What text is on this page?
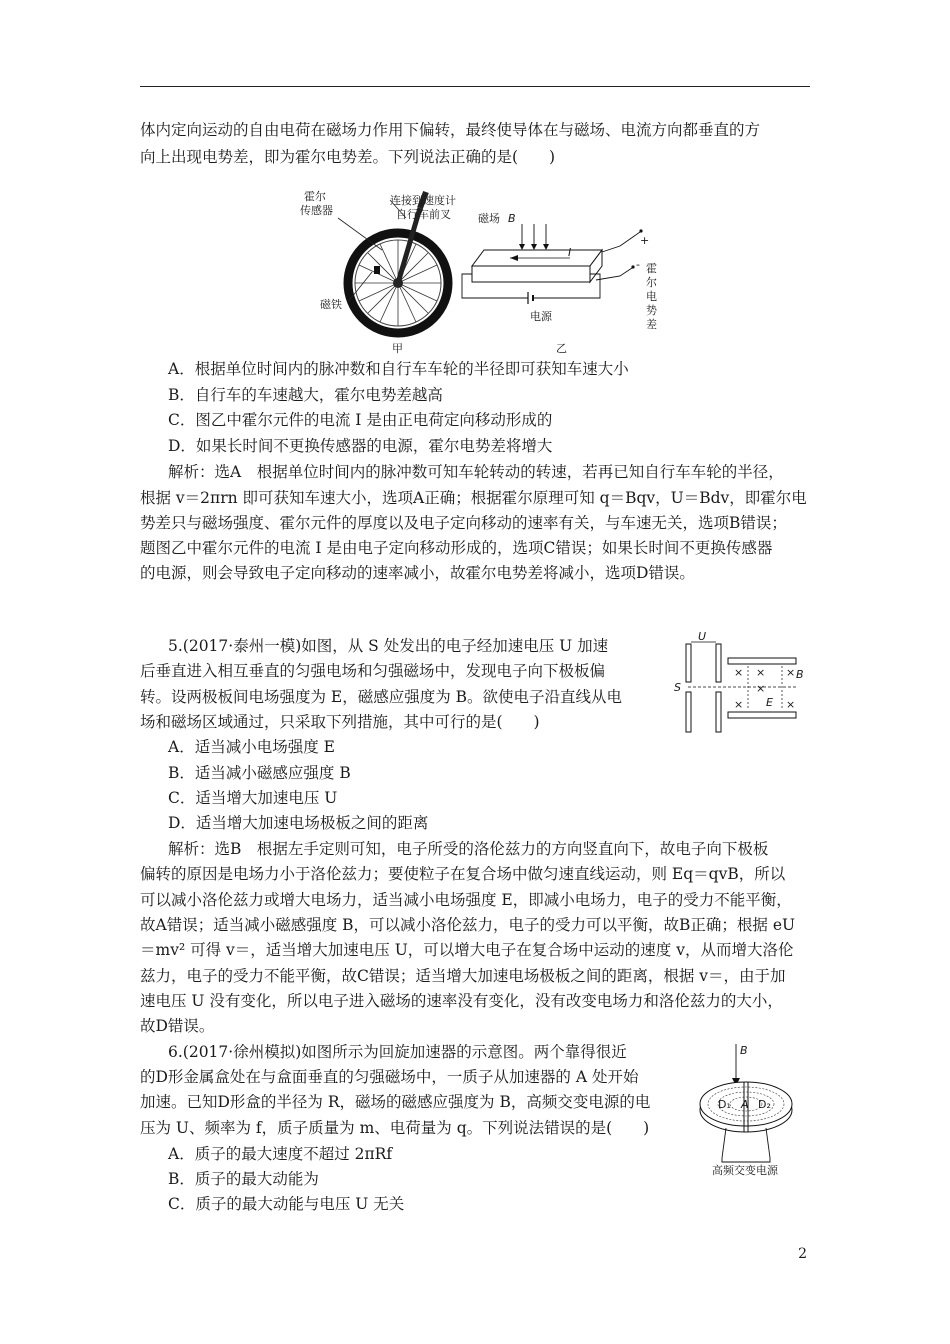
体内定向运动的自由电荷在磁场力作用下偏转，最终使导体在与磁场、电流方向都垂直的方
向上出现电势差，即为霍尔电势差。下列说法正确的是(　　)
霍尔
传感器
连接到速度计
自行车前叉
磁铁
磁场 B
I
电源
+
- 霍
尔
电
势
差
甲	乙
A．根据单位时间内的脉冲数和自行车车轮的半径即可获知车速大小
B．自行车的车速越大，霍尔电势差越高
C．图乙中霍尔元件的电流 I 是由正电荷定向移动形成的
D．如果长时间不更换传感器的电源，霍尔电势差将增大
解析：选A　根据单位时间内的脉冲数可知车轮转动的转速，若再已知自行车车轮的半径，
根据 v＝2πrn 即可获知车速大小，选项A正确；根据霍尔原理可知 q＝Bqv，U＝Bdv，即霍尔电
势差只与磁场强度、霍尔元件的厚度以及电子定向移动的速率有关，与车速无关，选项B错误；
题图乙中霍尔元件的电流 I 是由电子定向移动形成的，选项C错误；如果长时间不更换传感器
的电源，则会导致电子定向移动的速率减小，故霍尔电势差将减小，选项D错误。
5.(2017·泰州一模)如图，从 S 处发出的电子经加速电压 U 加速
后垂直进入相互垂直的匀强电场和匀强磁场中，发现电子向下极板偏
转。设两极板间电场强度为 E，磁感应强度为 B。欲使电子沿直线从电
场和磁场区域通过，只采取下列措施，其中可行的是(　　)
U
S
B
E
× × ×
×
×
×
A．适当减小电场强度 E
B．适当减小磁感应强度 B
C．适当增大加速电压 U
D．适当增大加速电场极板之间的距离
解析：选B　根据左手定则可知，电子所受的洛伦兹力的方向竖直向下，故电子向下极板
偏转的原因是电场力小于洛伦兹力；要使粒子在复合场中做匀速直线运动，则 Eq＝qvB，所以
可以减小洛伦兹力或增大电场力，适当减小电场强度 E，即减小电场力，电子的受力不能平衡，
故A错误；适当减小磁感强度 B，可以减小洛伦兹力，电子的受力可以平衡，故B正确；根据 eU
＝mv² 可得 v＝，适当增大加速电压 U，可以增大电子在复合场中运动的速度 v，从而增大洛伦
兹力，电子的受力不能平衡，故C错误；适当增大加速电场极板之间的距离，根据 v＝，由于加
速电压 U 没有变化，所以电子进入磁场的速率没有变化，没有改变电场力和洛伦兹力的大小，
故D错误。
6.(2017·徐州模拟)如图所示为回旋加速器的示意图。两个靠得很近
的D形金属盒处在与盒面垂直的匀强磁场中，一质子从加速器的 A 处开始
加速。已知D形盒的半径为 R，磁场的磁感应强度为 B，高频交变电源的电
压为 U、频率为 f，质子质量为 m、电荷量为 q。下列说法错误的是(　　)
B
A
D₁ D₂
高频交变电源
A．质子的最大速度不超过 2πRf
B．质子的最大动能为
C．质子的最大动能与电压 U 无关
2
